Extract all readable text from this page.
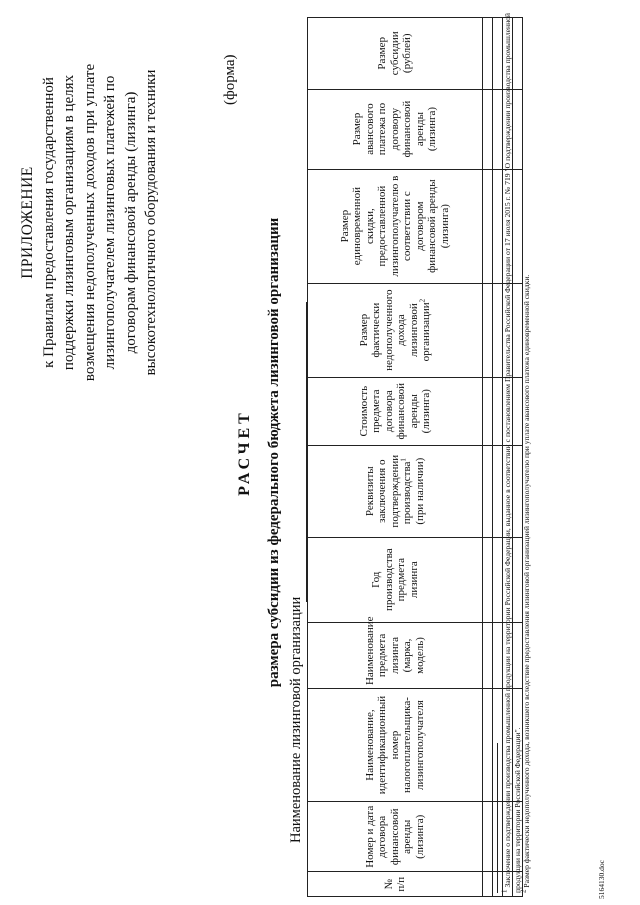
ПРИЛОЖЕНИЕ к Правилам предоставления государственной поддержки лизинговым организациям в целях возмещения недополученных доходов при уплате лизингополучателем лизинговых платежей по договорам финансовой аренды (лизинга) высокотехнологичного оборудования и техники	(форма)
РАСЧЕТ размера субсидии из федерального бюджета лизинговой организации
Наименование лизинговой организации
№ п/п	Номер и дата договора финансовой аренды (лизинга)	Наименование, идентификационный номер налогоплательщика-лизингополучателя	Наименование предмета лизинга (марка, модель)	Год производства предмета лизинга	Реквизиты заключения о подтверждении производства$^1$ (при наличии)	Стоимость предмета договора финансовой аренды (лизинга)	Размер фактически недополученного дохода лизинговой организации$^2$	Размер единовременной скидки, предоставленной лизингополучателю в соответствии с договором финансовой аренды (лизинга)	Размер авансового платежа по договору финансовой аренды (лизинга)	Размер субсидии (рублей)

$^1$ Заключение о подтверждении производства промышленной продукции на территории Российской Федерации, выданное в соответствии с постановлением Правительства Российской Федерации от 17 июля 2015 г. № 719 "О подтверждении производства промышленной продукции на территории Российской Федерации".

$^2$ Размер фактически недополученного дохода, возникшего вследствие предоставления лизинговой организацией лизингополучателю при уплате авансового платежа единовременной скидки.	5164130.doc
